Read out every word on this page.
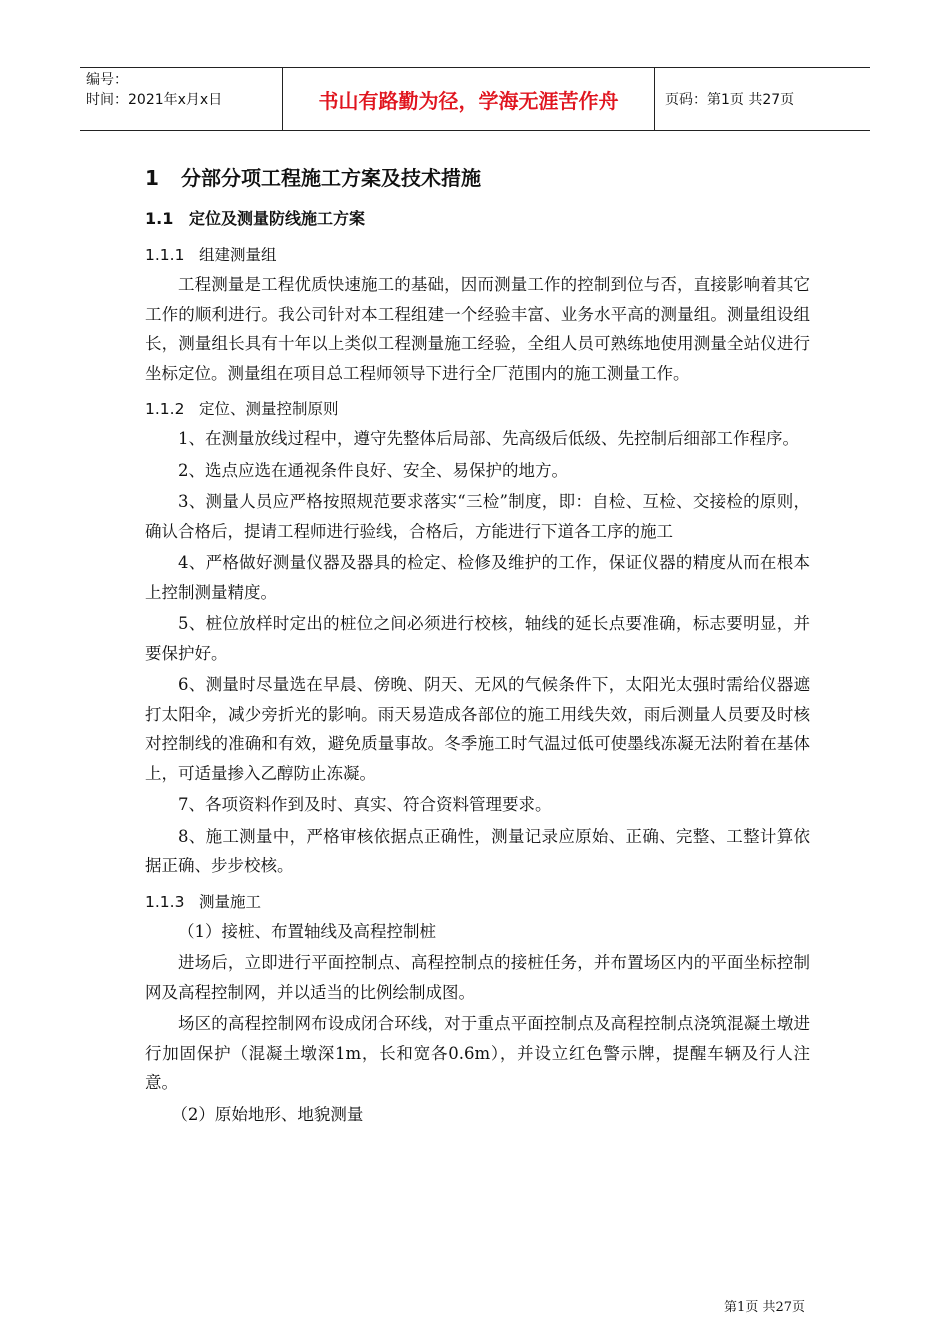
编号：
时间：2021年x月x日	书山有路勤为径，学海无涯苦作舟	页码：第1页 共27页
1 分部分项工程施工方案及技术措施
1.1 定位及测量防线施工方案
1.1.1 组建测量组

工程测量是工程优质快速施工的基础，因而测量工作的控制到位与否，直接影响着其它工作的顺利进行。我公司针对本工程组建一个经验丰富、业务水平高的测量组。测量组设组长，测量组长具有十年以上类似工程测量施工经验，全组人员可熟练地使用测量全站仪进行坐标定位。测量组在项目总工程师领导下进行全厂范围内的施工测量工作。

1.1.2 定位、测量控制原则

1、在测量放线过程中，遵守先整体后局部、先高级后低级、先控制后细部工作程序。

2、选点应选在通视条件良好、安全、易保护的地方。

3、测量人员应严格按照规范要求落实“三检”制度，即：自检、互检、交接检的原则，确认合格后，提请工程师进行验线，合格后，方能进行下道各工序的施工

4、严格做好测量仪器及器具的检定、检修及维护的工作，保证仪器的精度从而在根本上控制测量精度。

5、桩位放样时定出的桩位之间必须进行校核，轴线的延长点要准确，标志要明显，并要保护好。

6、测量时尽量选在早晨、傍晚、阴天、无风的气候条件下，太阳光太强时需给仪器遮打太阳伞，减少旁折光的影响。雨天易造成各部位的施工用线失效，雨后测量人员要及时核对控制线的准确和有效，避免质量事故。冬季施工时气温过低可使墨线冻凝无法附着在基体上，可适量掺入乙醇防止冻凝。

7、各项资料作到及时、真实、符合资料管理要求。

8、施工测量中，严格审核依据点正确性，测量记录应原始、正确、完整、工整计算依据正确、步步校核。

1.1.3 测量施工

（1）接桩、布置轴线及高程控制桩

进场后，立即进行平面控制点、高程控制点的接桩任务，并布置场区内的平面坐标控制网及高程控制网，并以适当的比例绘制成图。

场区的高程控制网布设成闭合环线，对于重点平面控制点及高程控制点浇筑混凝土墩进行加固保护（混凝土墩深1m，长和宽各0.6m），并设立红色警示牌，提醒车辆及行人注意。

（2）原始地形、地貌测量

第1页 共27页
